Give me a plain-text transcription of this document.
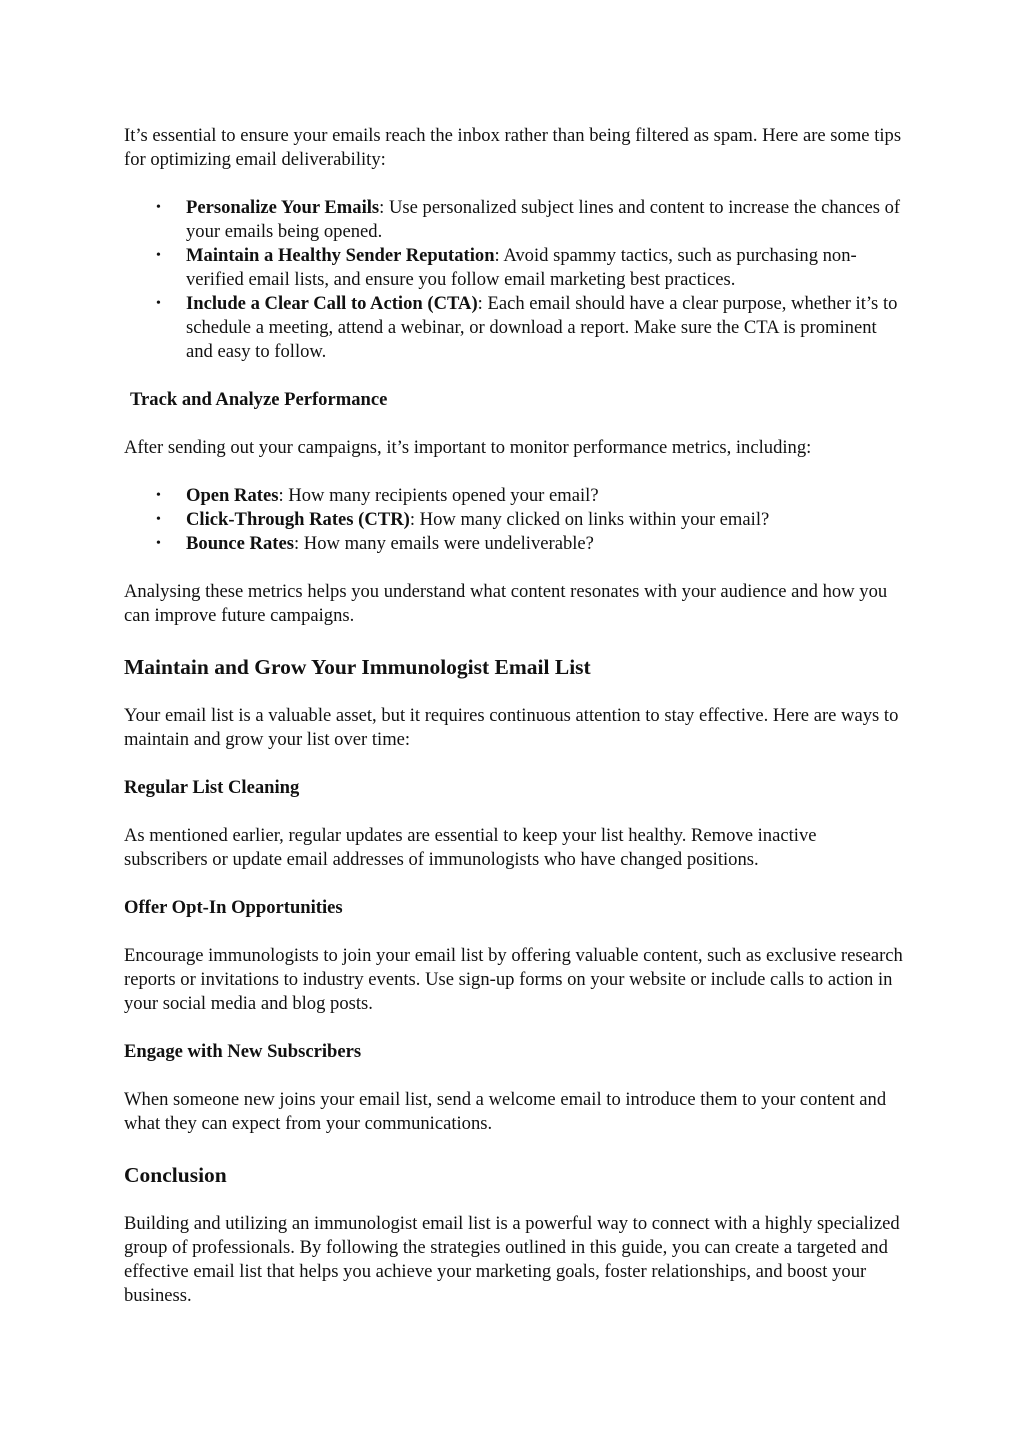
It’s essential to ensure your emails reach the inbox rather than being filtered as spam. Here are some tips for optimizing email deliverability:

• Personalize Your Emails: Use personalized subject lines and content to increase the chances of your emails being opened.
• Maintain a Healthy Sender Reputation: Avoid spammy tactics, such as purchasing non-verified email lists, and ensure you follow email marketing best practices.
• Include a Clear Call to Action (CTA): Each email should have a clear purpose, whether it’s to schedule a meeting, attend a webinar, or download a report. Make sure the CTA is prominent and easy to follow.
Track and Analyze Performance

After sending out your campaigns, it’s important to monitor performance metrics, including:

• Open Rates: How many recipients opened your email?
• Click-Through Rates (CTR): How many clicked on links within your email?
• Bounce Rates: How many emails were undeliverable?

Analysing these metrics helps you understand what content resonates with your audience and how you can improve future campaigns.

Maintain and Grow Your Immunologist Email List

Your email list is a valuable asset, but it requires continuous attention to stay effective. Here are ways to maintain and grow your list over time:

Regular List Cleaning

As mentioned earlier, regular updates are essential to keep your list healthy. Remove inactive subscribers or update email addresses of immunologists who have changed positions.

Offer Opt-In Opportunities

Encourage immunologists to join your email list by offering valuable content, such as exclusive research reports or invitations to industry events. Use sign-up forms on your website or include calls to action in your social media and blog posts.

Engage with New Subscribers

When someone new joins your email list, send a welcome email to introduce them to your content and what they can expect from your communications.

Conclusion

Building and utilizing an immunologist email list is a powerful way to connect with a highly specialized group of professionals. By following the strategies outlined in this guide, you can create a targeted and effective email list that helps you achieve your marketing goals, foster relationships, and boost your business.
